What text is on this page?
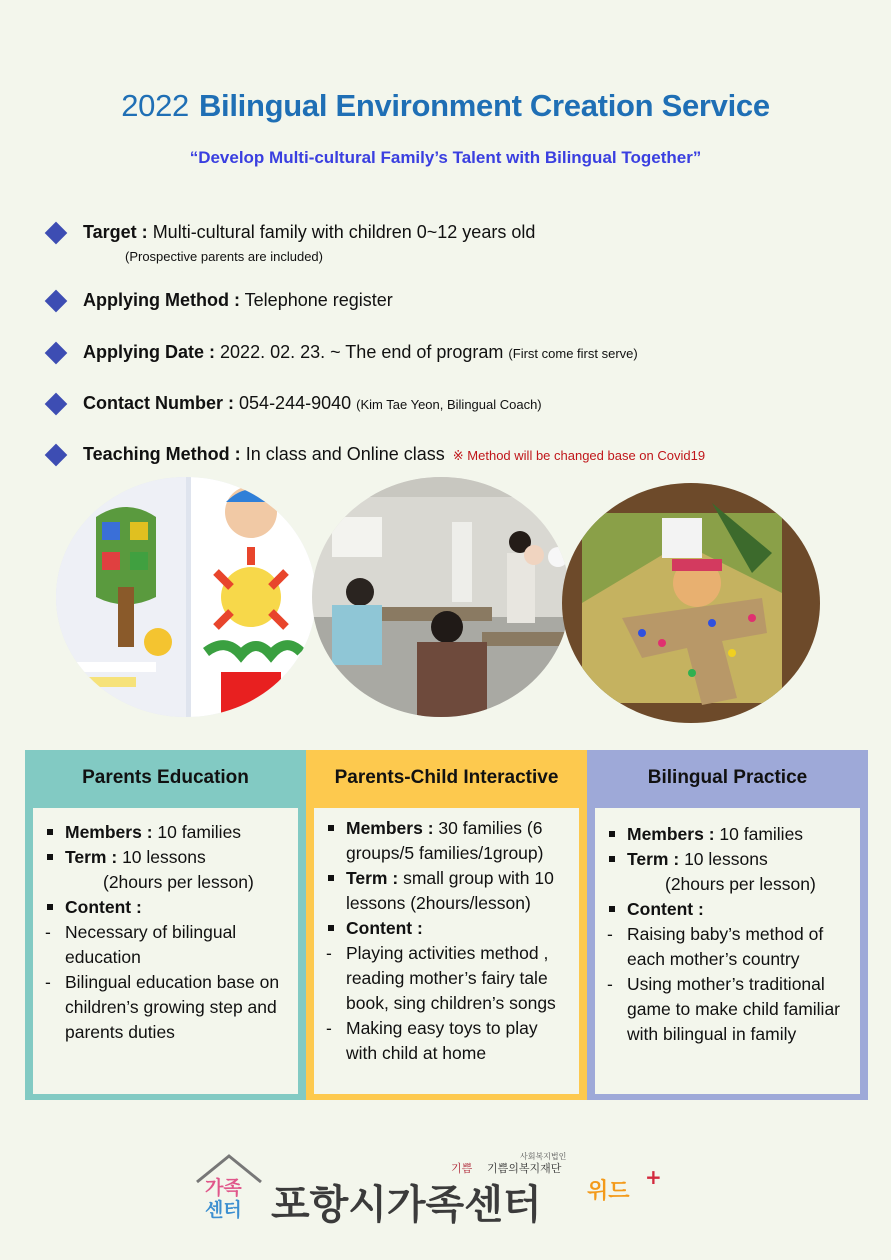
2022 Bilingual Environment Creation Service
“Develop Multi-cultural Family’s Talent with Bilingual Together”
Target : Multi-cultural family with children 0~12 years old
(Prospective parents are included)
Applying Method : Telephone register
Applying Date : 2022. 02. 23. ~ The end of program (First come first serve)
Contact Number : 054-244-9040 (Kim Tae Yeon, Bilingual Coach)
Teaching Method : In class and Online class ※ Method will be changed base on Covid19
Parents Education
Members : 10 families
Term : 10 lessons
(2hours per lesson)
Content :
- Necessary of bilingual education
- Bilingual education base on children’s growing step and parents duties
Parents-Child Interactive
Members : 30 families (6 groups/5 families/1group)
Term : small group with 10 lessons (2hours/lesson)
Content :
- Playing activities method , reading mother’s fairy tale book, sing children’s songs
- Making easy toys to play with child at home
Bilingual Practice
Members : 10 families
Term : 10 lessons
(2hours per lesson)
Content :
- Raising baby’s method of each mother’s country
- Using mother’s traditional game to make child familiar with bilingual in family
가족
센터 포항시가족센터
기쁨
사회복지법인
기쁨의복지재단
위드
+
